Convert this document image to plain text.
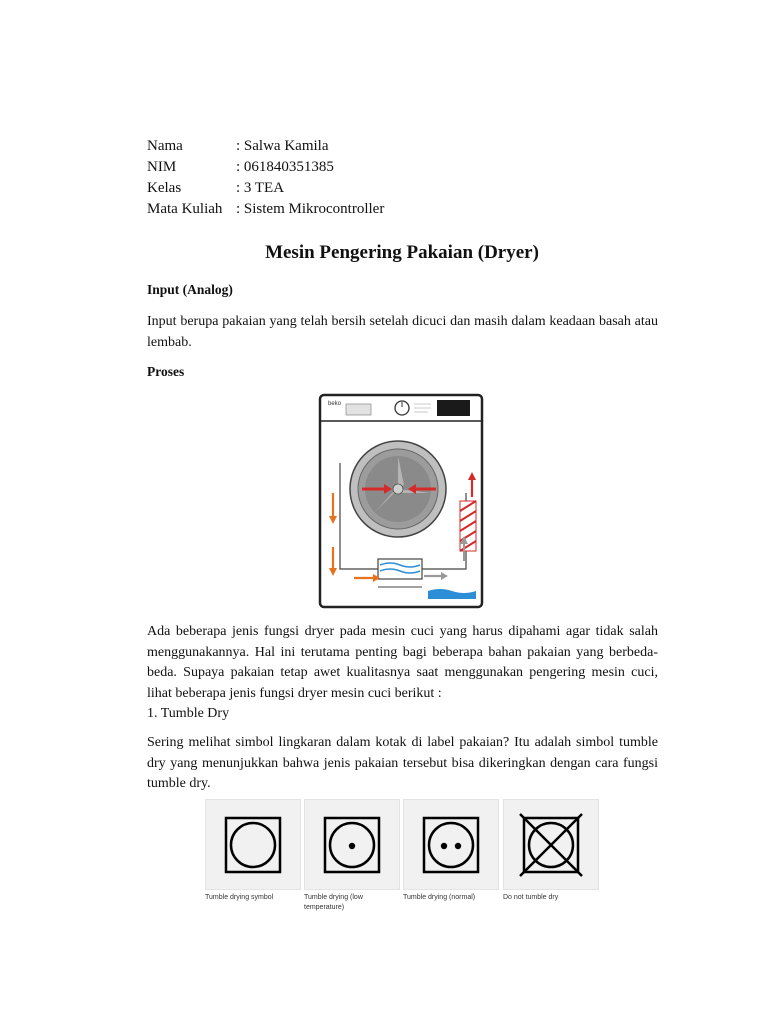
Nama	: Salwa Kamila
NIM	: 061840351385
Kelas	: 3 TEA
Mata Kuliah : Sistem Mikrocontroller
Mesin Pengering Pakaian (Dryer)

Input (Analog)

Input berupa pakaian yang telah bersih setelah dicuci dan masih dalam keadaan basah atau lembab.

Proses

beko

Ada beberapa jenis fungsi dryer pada mesin cuci yang harus dipahami agar tidak salah menggunakannya. Hal ini terutama penting bagi beberapa bahan pakaian yang berbeda- beda. Supaya pakaian tetap awet kualitasnya saat menggunakan pengering mesin cuci, lihat beberapa jenis fungsi dryer mesin cuci berikut :

1. Tumble Dry

Sering melihat simbol lingkaran dalam kotak di label pakaian? Itu adalah simbol tumble dry yang menunjukkan bahwa jenis pakaian tersebut bisa dikeringkan dengan cara fungsi tumble dry.

Tumble drying symbol	Tumble drying (low temperature)
Tumble drying (normal)	Do not tumble dry
